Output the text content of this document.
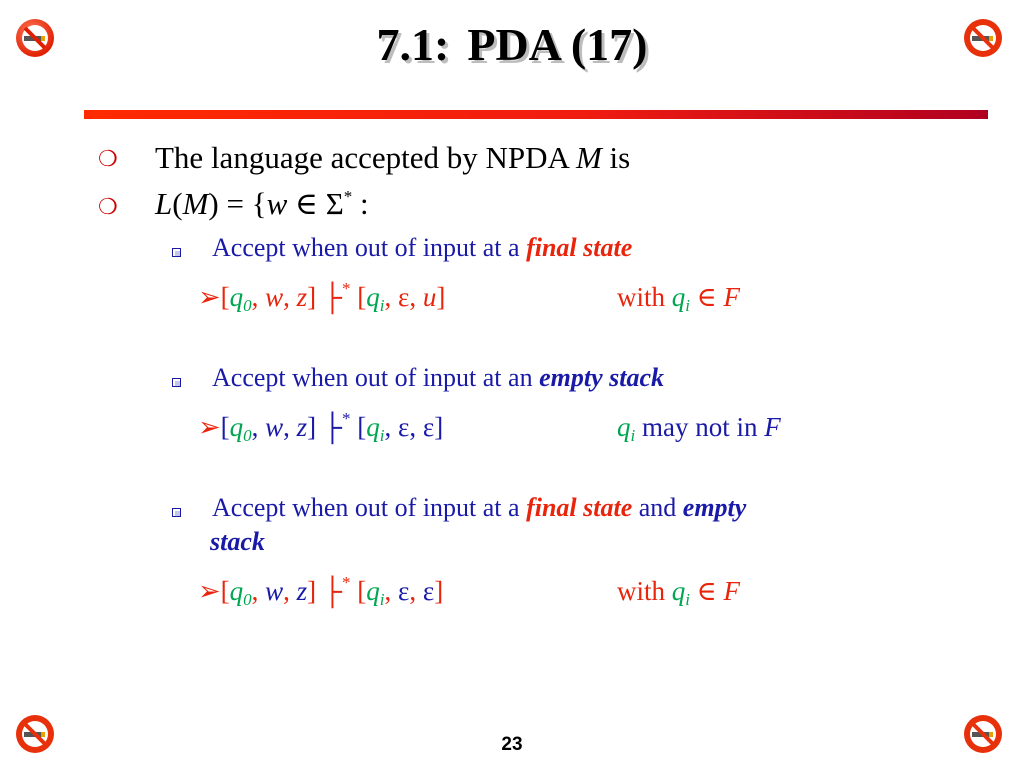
7.1: PDA (17)
❍ The language accepted by NPDA M is
❍ L(M) = {w ∈ Σ* :
Accept when out of input at a final state
$➢[q_0$, w, z] ├* [$q_i$, ε, u]	with $q_i$ ∈ F
Accept when out of input at an empty stack
$➢[q_0$, w, z] ├* [$q_i$, ε, ε]	$q_i$ may not in F
Accept when out of input at a final state and empty
stack
$➢[q_0$, w, z] ├* [$q_i$, ε, ε]	with $q_i$ ∈ F
23
